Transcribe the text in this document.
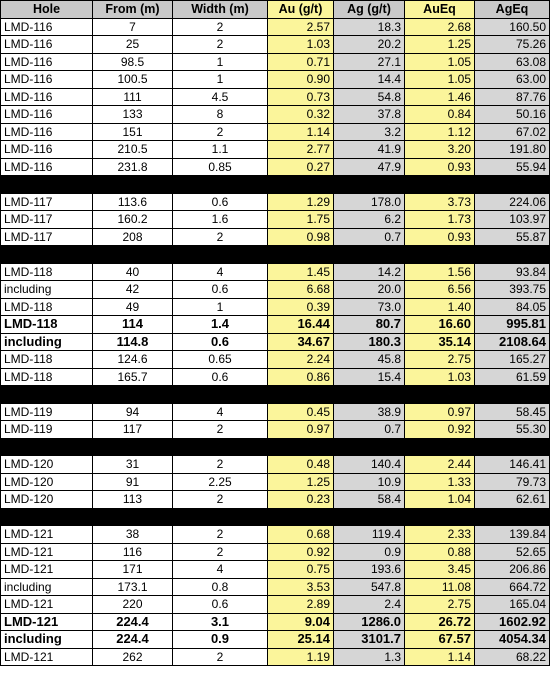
Hole	From (m)	Width (m)	Au (g/t)	Ag (g/t)	AuEq	AgEq
LMD-116	7	2	2.57	18.3	2.68	160.50
LMD-116	25	2	1.03	20.2	1.25	75.26
LMD-116	98.5	1	0.71	27.1	1.05	63.08
LMD-116	100.5	1	0.90	14.4	1.05	63.00
LMD-116	111	4.5	0.73	54.8	1.46	87.76
LMD-116	133	8	0.32	37.8	0.84	50.16
LMD-116	151	2	1.14	3.2	1.12	67.02
LMD-116	210.5	1.1	2.77	41.9	3.20	191.80
LMD-116	231.8	0.85	0.27	47.9	0.93	55.94

LMD-117	113.6	0.6	1.29	178.0	3.73	224.06
LMD-117	160.2	1.6	1.75	6.2	1.73	103.97
LMD-117	208	2	0.98	0.7	0.93	55.87

LMD-118	40	4	1.45	14.2	1.56	93.84
including	42	0.6	6.68	20.0	6.56	393.75
LMD-118	49	1	0.39	73.0	1.40	84.05
LMD-118	114	1.4	16.44	80.7	16.60	995.81
including	114.8	0.6	34.67	180.3	35.14	2108.64
LMD-118	124.6	0.65	2.24	45.8	2.75	165.27
LMD-118	165.7	0.6	0.86	15.4	1.03	61.59

LMD-119	94	4	0.45	38.9	0.97	58.45
LMD-119	117	2	0.97	0.7	0.92	55.30

LMD-120	31	2	0.48	140.4	2.44	146.41
LMD-120	91	2.25	1.25	10.9	1.33	79.73
LMD-120	113	2	0.23	58.4	1.04	62.61

LMD-121	38	2	0.68	119.4	2.33	139.84
LMD-121	116	2	0.92	0.9	0.88	52.65
LMD-121	171	4	0.75	193.6	3.45	206.86
including	173.1	0.8	3.53	547.8	11.08	664.72
LMD-121	220	0.6	2.89	2.4	2.75	165.04
LMD-121	224.4	3.1	9.04	1286.0	26.72	1602.92
including	224.4	0.9	25.14	3101.7	67.57	4054.34
LMD-121	262	2	1.19	1.3	1.14	68.22
